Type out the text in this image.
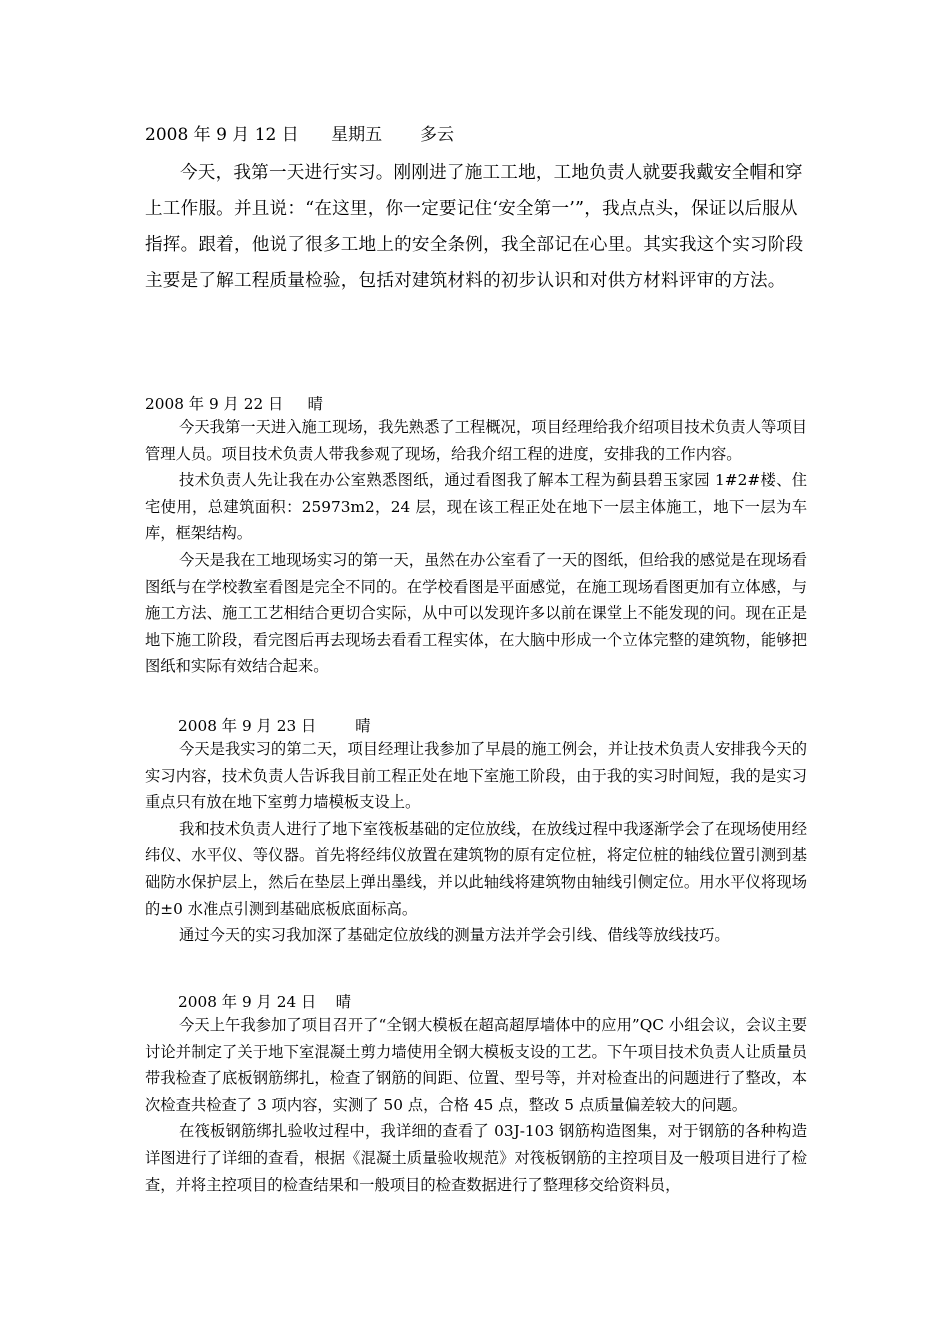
2008 年 9 月 12 日      星期五       多云

今天，我第一天进行实习。刚刚进了施工工地，工地负责人就要我戴安全帽和穿上工作服。并且说：“在这里，你一定要记住‘安全第一’”，我点点头，保证以后服从指挥。跟着，他说了很多工地上的安全条例，我全部记在心里。其实我这个实习阶段主要是了解工程质量检验，包括对建筑材料的初步认识和对供方材料评审的方法。

2008 年 9 月 22 日     晴

今天我第一天进入施工现场，我先熟悉了工程概况，项目经理给我介绍项目技术负责人等项目管理人员。项目技术负责人带我参观了现场，给我介绍工程的进度，安排我的工作内容。

技术负责人先让我在办公室熟悉图纸，通过看图我了解本工程为蓟县碧玉家园 1#2#楼、住宅使用，总建筑面积：25973m2，24 层，现在该工程正处在地下一层主体施工，地下一层为车库，框架结构。

今天是我在工地现场实习的第一天，虽然在办公室看了一天的图纸，但给我的感觉是在现场看图纸与在学校教室看图是完全不同的。在学校看图是平面感觉，在施工现场看图更加有立体感，与施工方法、施工工艺相结合更切合实际，从中可以发现许多以前在课堂上不能发现的问。现在正是地下施工阶段，看完图后再去现场去看看工程实体，在大脑中形成一个立体完整的建筑物，能够把图纸和实际有效结合起来。

2008 年 9 月 23 日        晴

今天是我实习的第二天，项目经理让我参加了早晨的施工例会，并让技术负责人安排我今天的实习内容，技术负责人告诉我目前工程正处在地下室施工阶段，由于我的实习时间短，我的是实习重点只有放在地下室剪力墙模板支设上。

我和技术负责人进行了地下室筏板基础的定位放线，在放线过程中我逐渐学会了在现场使用经纬仪、水平仪、等仪器。首先将经纬仪放置在建筑物的原有定位桩，将定位桩的轴线位置引测到基础防水保护层上，然后在垫层上弹出墨线，并以此轴线将建筑物由轴线引侧定位。用水平仪将现场的±0 水准点引测到基础底板底面标高。

通过今天的实习我加深了基础定位放线的测量方法并学会引线、借线等放线技巧。

2008 年 9 月 24 日    晴

今天上午我参加了项目召开了“全钢大模板在超高超厚墙体中的应用”QC 小组会议，会议主要讨论并制定了关于地下室混凝土剪力墙使用全钢大模板支设的工艺。下午项目技术负责人让质量员带我检查了底板钢筋绑扎，检查了钢筋的间距、位置、型号等，并对检查出的问题进行了整改，本次检查共检查了 3 项内容，实测了 50 点，合格 45 点，整改 5 点质量偏差较大的问题。

在筏板钢筋绑扎验收过程中，我详细的查看了 03J-103 钢筋构造图集，对于钢筋的各种构造详图进行了详细的查看，根据《混凝土质量验收规范》对筏板钢筋的主控项目及一般项目进行了检查，并将主控项目的检查结果和一般项目的检查数据进行了整理移交给资料员，
